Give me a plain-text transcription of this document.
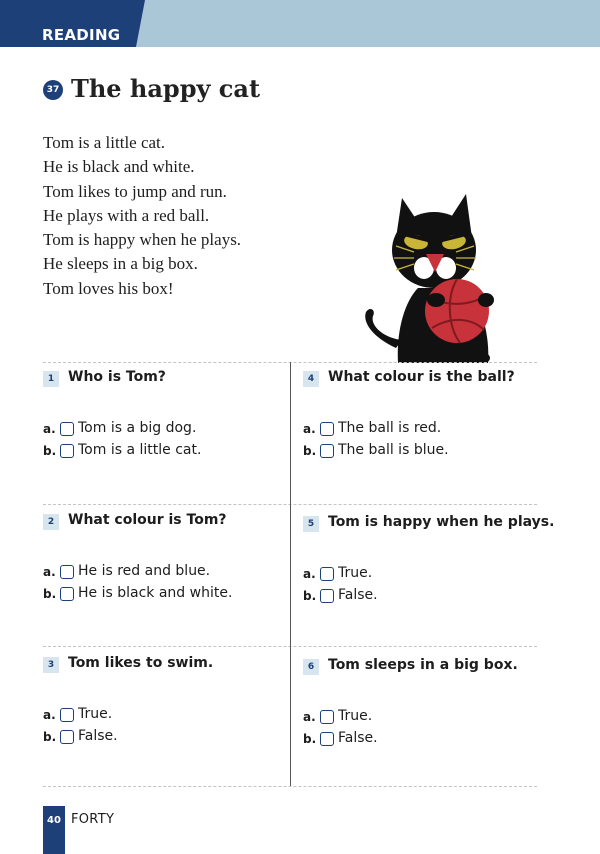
READING
37 The happy cat
Tom is a little cat.
He is black and white.
Tom likes to jump and run.
He plays with a red ball.
Tom is happy when he plays.
He sleeps in a big box.
Tom loves his box!
1 Who is Tom?
a. Tom is a big dog.
b. Tom is a little cat.
2 What colour is Tom?
a. He is red and blue.
b. He is black and white.
3 Tom likes to swim.
a. True.
b. False.
4 What colour is the ball?
a. The ball is red.
b. The ball is blue.
5 Tom is happy when he plays.
a. True.
b. False.
6 Tom sleeps in a big box.
a. True.
b. False.
40 FORTY
